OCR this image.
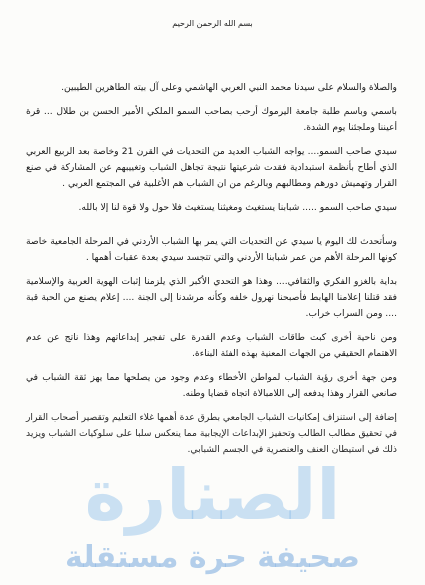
بسم الله الرحمن الرحيم

والصلاة والسلام على سيدنا محمد النبي العربي الهاشمي وعلى آل بيته الطاهرين الطيبين.

باسمي وباسم طلبة جامعة اليرموك أرحب بصاحب السمو الملكي الأمير الحسن بن طلال ... قرة أعيننا وملجئنا يوم الشدة.

سيدي صاحب السمو.... يواجه الشباب العديد من التحديات في القرن 21 وخاصة بعد الربيع العربي الذي أطاح بأنظمة استبدادية فقدت شرعيتها نتيجة تجاهل الشباب وتغييبهم عن المشاركة في صنع القرار وتهميش دورهم ومطالبهم وبالرغم من ان الشباب هم الأغلبية في المجتمع العربي .

سيدي صاحب السمو ..... شبابنا يستغيث ومغيثنا يستغيث فلا حول ولا قوة لنا إلا بالله.

وسأتحدث لك اليوم يا سيدي عن التحديات التي يمر بها الشباب الأردني في المرحلة الجامعية خاصة كونها المرحلة الأهم من عمر شبابنا الأردني والتي تتجسد سيدي بعدة عقبات أهمها .

بداية بالغزو الفكري والثقافي.... وهذا هو التحدي الأكبر الذي يلزمنا إثبات الهوية العربية والإسلامية فقد قتلنا إعلامنا الهابط فأصبحنا نهرول خلفه وكأنه مرشدنا إلى الجنة .... إعلام يصنع من الحبة قبة .... ومن السراب خراب.

ومن ناحية أخرى كبت طاقات الشباب وعدم القدرة على تفجير إبداعاتهم وهذا ناتج عن عدم الاهتمام الحقيقي من الجهات المعنية بهذه الفئة البناءة.

ومن جهة أخرى رؤية الشباب لمواطن الأخطاء وعدم وجود من يصلحها مما يهز ثقة الشباب في صانعي القرار وهذا يدفعه إلى اللامبالاة اتجاه قضايا وطنه.

إضافة إلى استنزاف إمكانيات الشباب الجامعي بطرق عدة أهمها غلاء التعليم وتقصير أصحاب القرار في تحقيق مطالب الطالب وتحفيز الإبداعات الإيجابية مما ينعكس سلبا على سلوكيات الشباب ويزيد ذلك في استيطان العنف والعنصرية في الجسم الشبابي.

الصنارة
صحيفة حرة مستقلة
